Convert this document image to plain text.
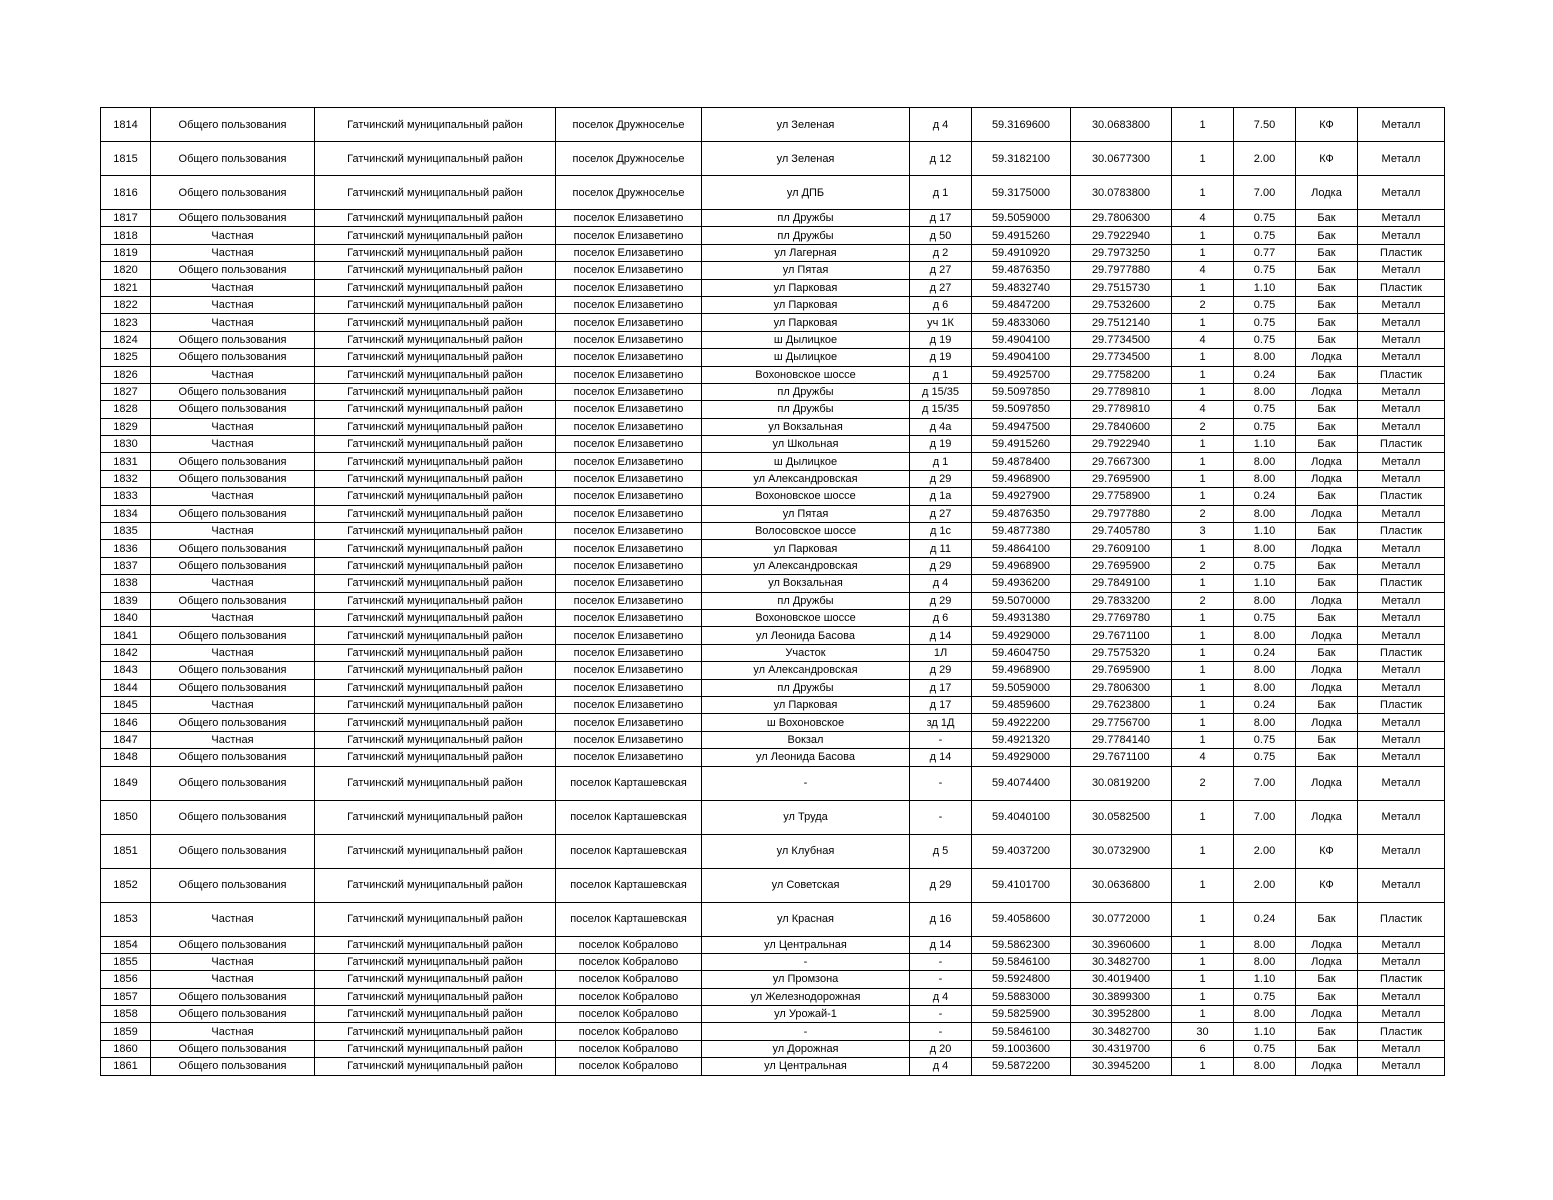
1814	Общего пользования	Гатчинский муниципальный район	поселок Дружноселье	ул Зеленая	д 4	59.3169600	30.0683800	1	7.50	КФ	Металл
1815	Общего пользования	Гатчинский муниципальный район	поселок Дружноселье	ул Зеленая	д 12	59.3182100	30.0677300	1	2.00	КФ	Металл
1816	Общего пользования	Гатчинский муниципальный район	поселок Дружноселье	ул ДПБ	д 1	59.3175000	30.0783800	1	7.00	Лодка	Металл
1817	Общего пользования	Гатчинский муниципальный район	поселок Елизаветино	пл Дружбы	д 17	59.5059000	29.7806300	4	0.75	Бак	Металл
1818	Частная	Гатчинский муниципальный район	поселок Елизаветино	пл Дружбы	д 50	59.4915260	29.7922940	1	0.75	Бак	Металл
1819	Частная	Гатчинский муниципальный район	поселок Елизаветино	ул Лагерная	д 2	59.4910920	29.7973250	1	0.77	Бак	Пластик
1820	Общего пользования	Гатчинский муниципальный район	поселок Елизаветино	ул Пятая	д 27	59.4876350	29.7977880	4	0.75	Бак	Металл
1821	Частная	Гатчинский муниципальный район	поселок Елизаветино	ул Парковая	д 27	59.4832740	29.7515730	1	1.10	Бак	Пластик
1822	Частная	Гатчинский муниципальный район	поселок Елизаветино	ул Парковая	д 6	59.4847200	29.7532600	2	0.75	Бак	Металл
1823	Частная	Гатчинский муниципальный район	поселок Елизаветино	ул Парковая	уч 1К	59.4833060	29.7512140	1	0.75	Бак	Металл
1824	Общего пользования	Гатчинский муниципальный район	поселок Елизаветино	ш Дылицкое	д 19	59.4904100	29.7734500	4	0.75	Бак	Металл
1825	Общего пользования	Гатчинский муниципальный район	поселок Елизаветино	ш Дылицкое	д 19	59.4904100	29.7734500	1	8.00	Лодка	Металл
1826	Частная	Гатчинский муниципальный район	поселок Елизаветино	Вохоновское шоссе	д 1	59.4925700	29.7758200	1	0.24	Бак	Пластик
1827	Общего пользования	Гатчинский муниципальный район	поселок Елизаветино	пл Дружбы	д 15/35	59.5097850	29.7789810	1	8.00	Лодка	Металл
1828	Общего пользования	Гатчинский муниципальный район	поселок Елизаветино	пл Дружбы	д 15/35	59.5097850	29.7789810	4	0.75	Бак	Металл
1829	Частная	Гатчинский муниципальный район	поселок Елизаветино	ул Вокзальная	д 4а	59.4947500	29.7840600	2	0.75	Бак	Металл
1830	Частная	Гатчинский муниципальный район	поселок Елизаветино	ул Школьная	д 19	59.4915260	29.7922940	1	1.10	Бак	Пластик
1831	Общего пользования	Гатчинский муниципальный район	поселок Елизаветино	ш Дылицкое	д 1	59.4878400	29.7667300	1	8.00	Лодка	Металл
1832	Общего пользования	Гатчинский муниципальный район	поселок Елизаветино	ул Александровская	д 29	59.4968900	29.7695900	1	8.00	Лодка	Металл
1833	Частная	Гатчинский муниципальный район	поселок Елизаветино	Вохоновское шоссе	д 1а	59.4927900	29.7758900	1	0.24	Бак	Пластик
1834	Общего пользования	Гатчинский муниципальный район	поселок Елизаветино	ул Пятая	д 27	59.4876350	29.7977880	2	8.00	Лодка	Металл
1835	Частная	Гатчинский муниципальный район	поселок Елизаветино	Волосовское шоссе	д 1с	59.4877380	29.7405780	3	1.10	Бак	Пластик
1836	Общего пользования	Гатчинский муниципальный район	поселок Елизаветино	ул Парковая	д 11	59.4864100	29.7609100	1	8.00	Лодка	Металл
1837	Общего пользования	Гатчинский муниципальный район	поселок Елизаветино	ул Александровская	д 29	59.4968900	29.7695900	2	0.75	Бак	Металл
1838	Частная	Гатчинский муниципальный район	поселок Елизаветино	ул Вокзальная	д 4	59.4936200	29.7849100	1	1.10	Бак	Пластик
1839	Общего пользования	Гатчинский муниципальный район	поселок Елизаветино	пл Дружбы	д 29	59.5070000	29.7833200	2	8.00	Лодка	Металл
1840	Частная	Гатчинский муниципальный район	поселок Елизаветино	Вохоновское шоссе	д 6	59.4931380	29.7769780	1	0.75	Бак	Металл
1841	Общего пользования	Гатчинский муниципальный район	поселок Елизаветино	ул Леонида Басова	д 14	59.4929000	29.7671100	1	8.00	Лодка	Металл
1842	Частная	Гатчинский муниципальный район	поселок Елизаветино	Участок	1Л	59.4604750	29.7575320	1	0.24	Бак	Пластик
1843	Общего пользования	Гатчинский муниципальный район	поселок Елизаветино	ул Александровская	д 29	59.4968900	29.7695900	1	8.00	Лодка	Металл
1844	Общего пользования	Гатчинский муниципальный район	поселок Елизаветино	пл Дружбы	д 17	59.5059000	29.7806300	1	8.00	Лодка	Металл
1845	Частная	Гатчинский муниципальный район	поселок Елизаветино	ул Парковая	д 17	59.4859600	29.7623800	1	0.24	Бак	Пластик
1846	Общего пользования	Гатчинский муниципальный район	поселок Елизаветино	ш Вохоновское	зд 1Д	59.4922200	29.7756700	1	8.00	Лодка	Металл
1847	Частная	Гатчинский муниципальный район	поселок Елизаветино	Вокзал	-	59.4921320	29.7784140	1	0.75	Бак	Металл
1848	Общего пользования	Гатчинский муниципальный район	поселок Елизаветино	ул Леонида Басова	д 14	59.4929000	29.7671100	4	0.75	Бак	Металл
1849	Общего пользования	Гатчинский муниципальный район	поселок Карташевская	-	-	59.4074400	30.0819200	2	7.00	Лодка	Металл
1850	Общего пользования	Гатчинский муниципальный район	поселок Карташевская	ул Труда	-	59.4040100	30.0582500	1	7.00	Лодка	Металл
1851	Общего пользования	Гатчинский муниципальный район	поселок Карташевская	ул Клубная	д 5	59.4037200	30.0732900	1	2.00	КФ	Металл
1852	Общего пользования	Гатчинский муниципальный район	поселок Карташевская	ул Советская	д 29	59.4101700	30.0636800	1	2.00	КФ	Металл
1853	Частная	Гатчинский муниципальный район	поселок Карташевская	ул Красная	д 16	59.4058600	30.0772000	1	0.24	Бак	Пластик
1854	Общего пользования	Гатчинский муниципальный район	поселок Кобралово	ул Центральная	д 14	59.5862300	30.3960600	1	8.00	Лодка	Металл
1855	Частная	Гатчинский муниципальный район	поселок Кобралово	-	-	59.5846100	30.3482700	1	8.00	Лодка	Металл
1856	Частная	Гатчинский муниципальный район	поселок Кобралово	ул Промзона	-	59.5924800	30.4019400	1	1.10	Бак	Пластик
1857	Общего пользования	Гатчинский муниципальный район	поселок Кобралово	ул Железнодорожная	д 4	59.5883000	30.3899300	1	0.75	Бак	Металл
1858	Общего пользования	Гатчинский муниципальный район	поселок Кобралово	ул Урожай-1	-	59.5825900	30.3952800	1	8.00	Лодка	Металл
1859	Частная	Гатчинский муниципальный район	поселок Кобралово	-	-	59.5846100	30.3482700	30	1.10	Бак	Пластик
1860	Общего пользования	Гатчинский муниципальный район	поселок Кобралово	ул Дорожная	д 20	59.1003600	30.4319700	6	0.75	Бак	Металл
1861	Общего пользования	Гатчинский муниципальный район	поселок Кобралово	ул Центральная	д 4	59.5872200	30.3945200	1	8.00	Лодка	Металл
